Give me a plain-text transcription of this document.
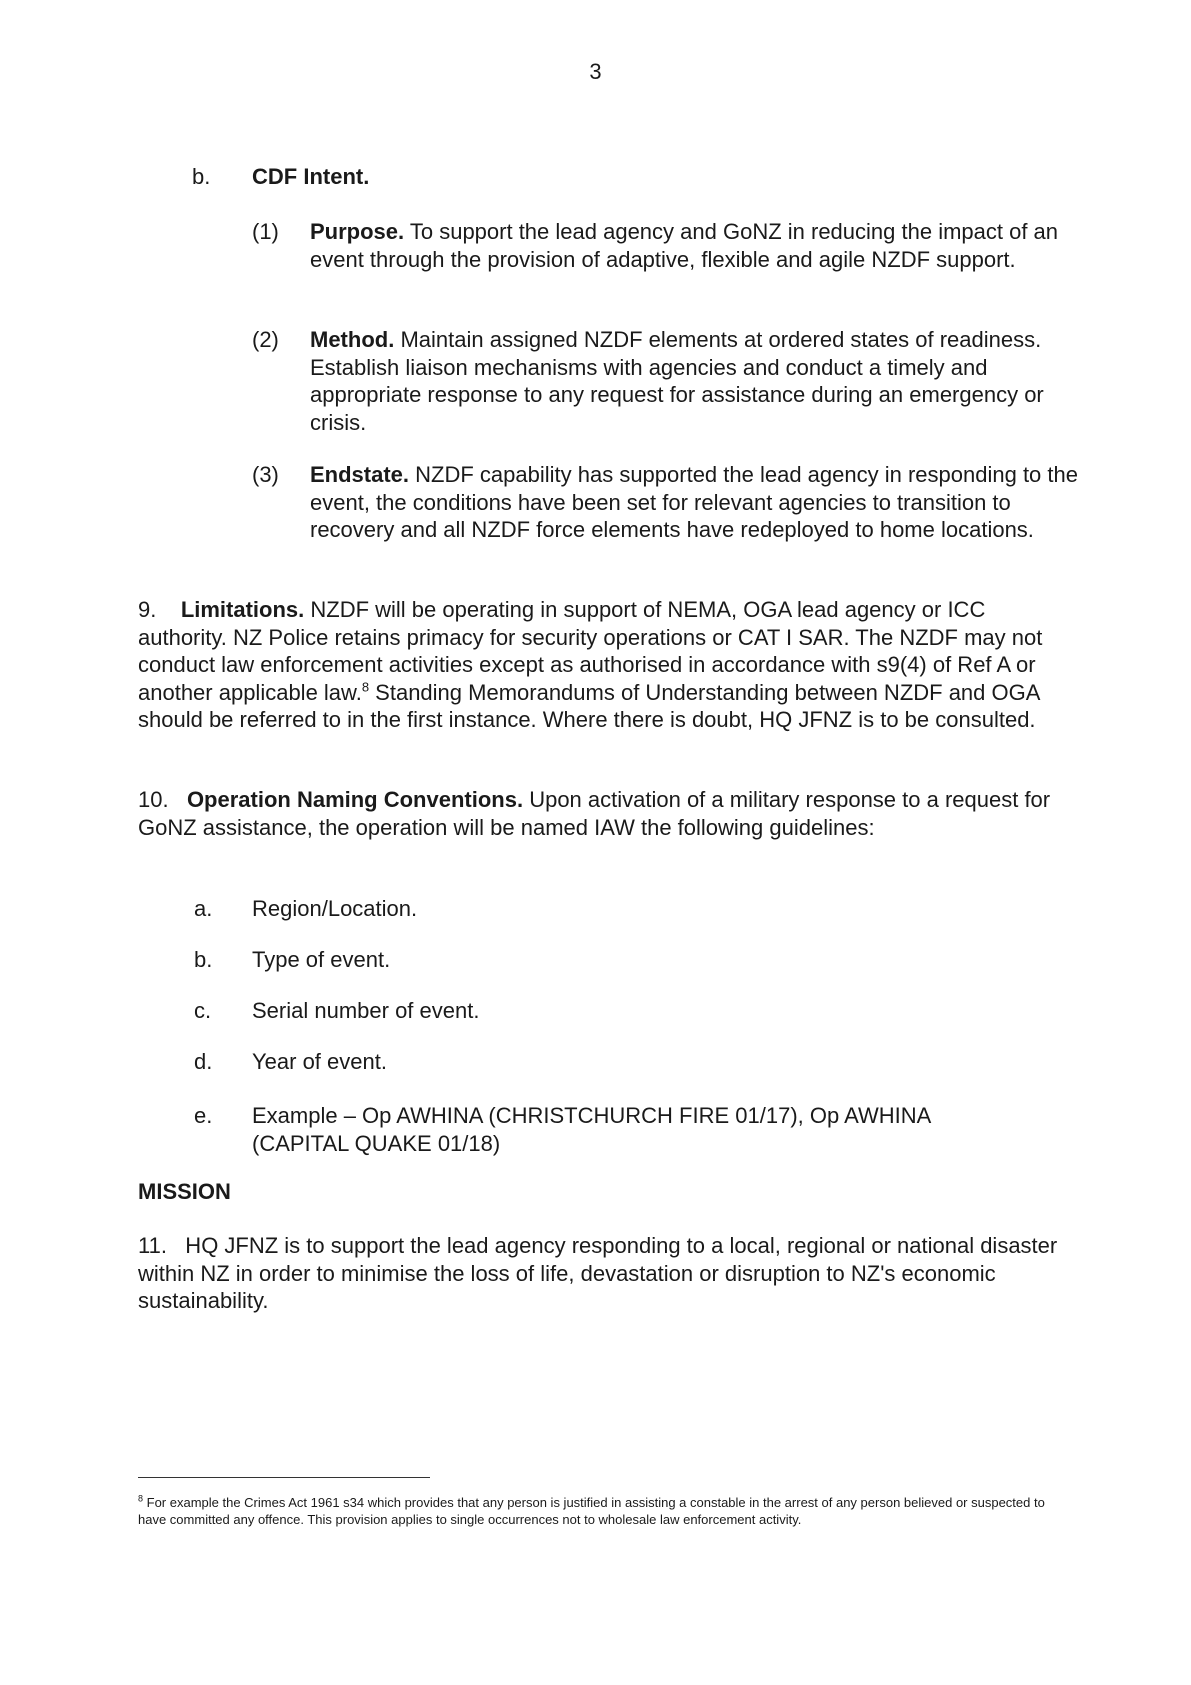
3
b. CDF Intent.
(1) Purpose. To support the lead agency and GoNZ in reducing the impact of an event through the provision of adaptive, flexible and agile NZDF support.

(2) Method. Maintain assigned NZDF elements at ordered states of readiness. Establish liaison mechanisms with agencies and conduct a timely and appropriate response to any request for assistance during an emergency or crisis.

(3) Endstate. NZDF capability has supported the lead agency in responding to the event, the conditions have been set for relevant agencies to transition to recovery and all NZDF force elements have redeployed to home locations.

9. Limitations. NZDF will be operating in support of NEMA, OGA lead agency or ICC authority. NZ Police retains primacy for security operations or CAT I SAR. The NZDF may not conduct law enforcement activities except as authorised in accordance with s9(4) of Ref A or another applicable law.$^8$ Standing Memorandums of Understanding between NZDF and OGA should be referred to in the first instance. Where there is doubt, HQ JFNZ is to be consulted.

10. Operation Naming Conventions. Upon activation of a military response to a request for GoNZ assistance, the operation will be named IAW the following guidelines:

a. Region/Location.
b. Type of event.
c. Serial number of event.
d. Year of event.
e. Example – Op AWHINA (CHRISTCHURCH FIRE 01/17), Op AWHINA (CAPITAL QUAKE 01/18)

MISSION

11.   HQ JFNZ is to support the lead agency responding to a local, regional or national disaster within NZ in order to minimise the loss of life, devastation or disruption to NZ's economic sustainability.

$^8$ For example the Crimes Act 1961 s34 which provides that any person is justified in assisting a constable in the arrest of any person believed or suspected to have committed any offence. This provision applies to single occurrences not to wholesale law enforcement activity.
